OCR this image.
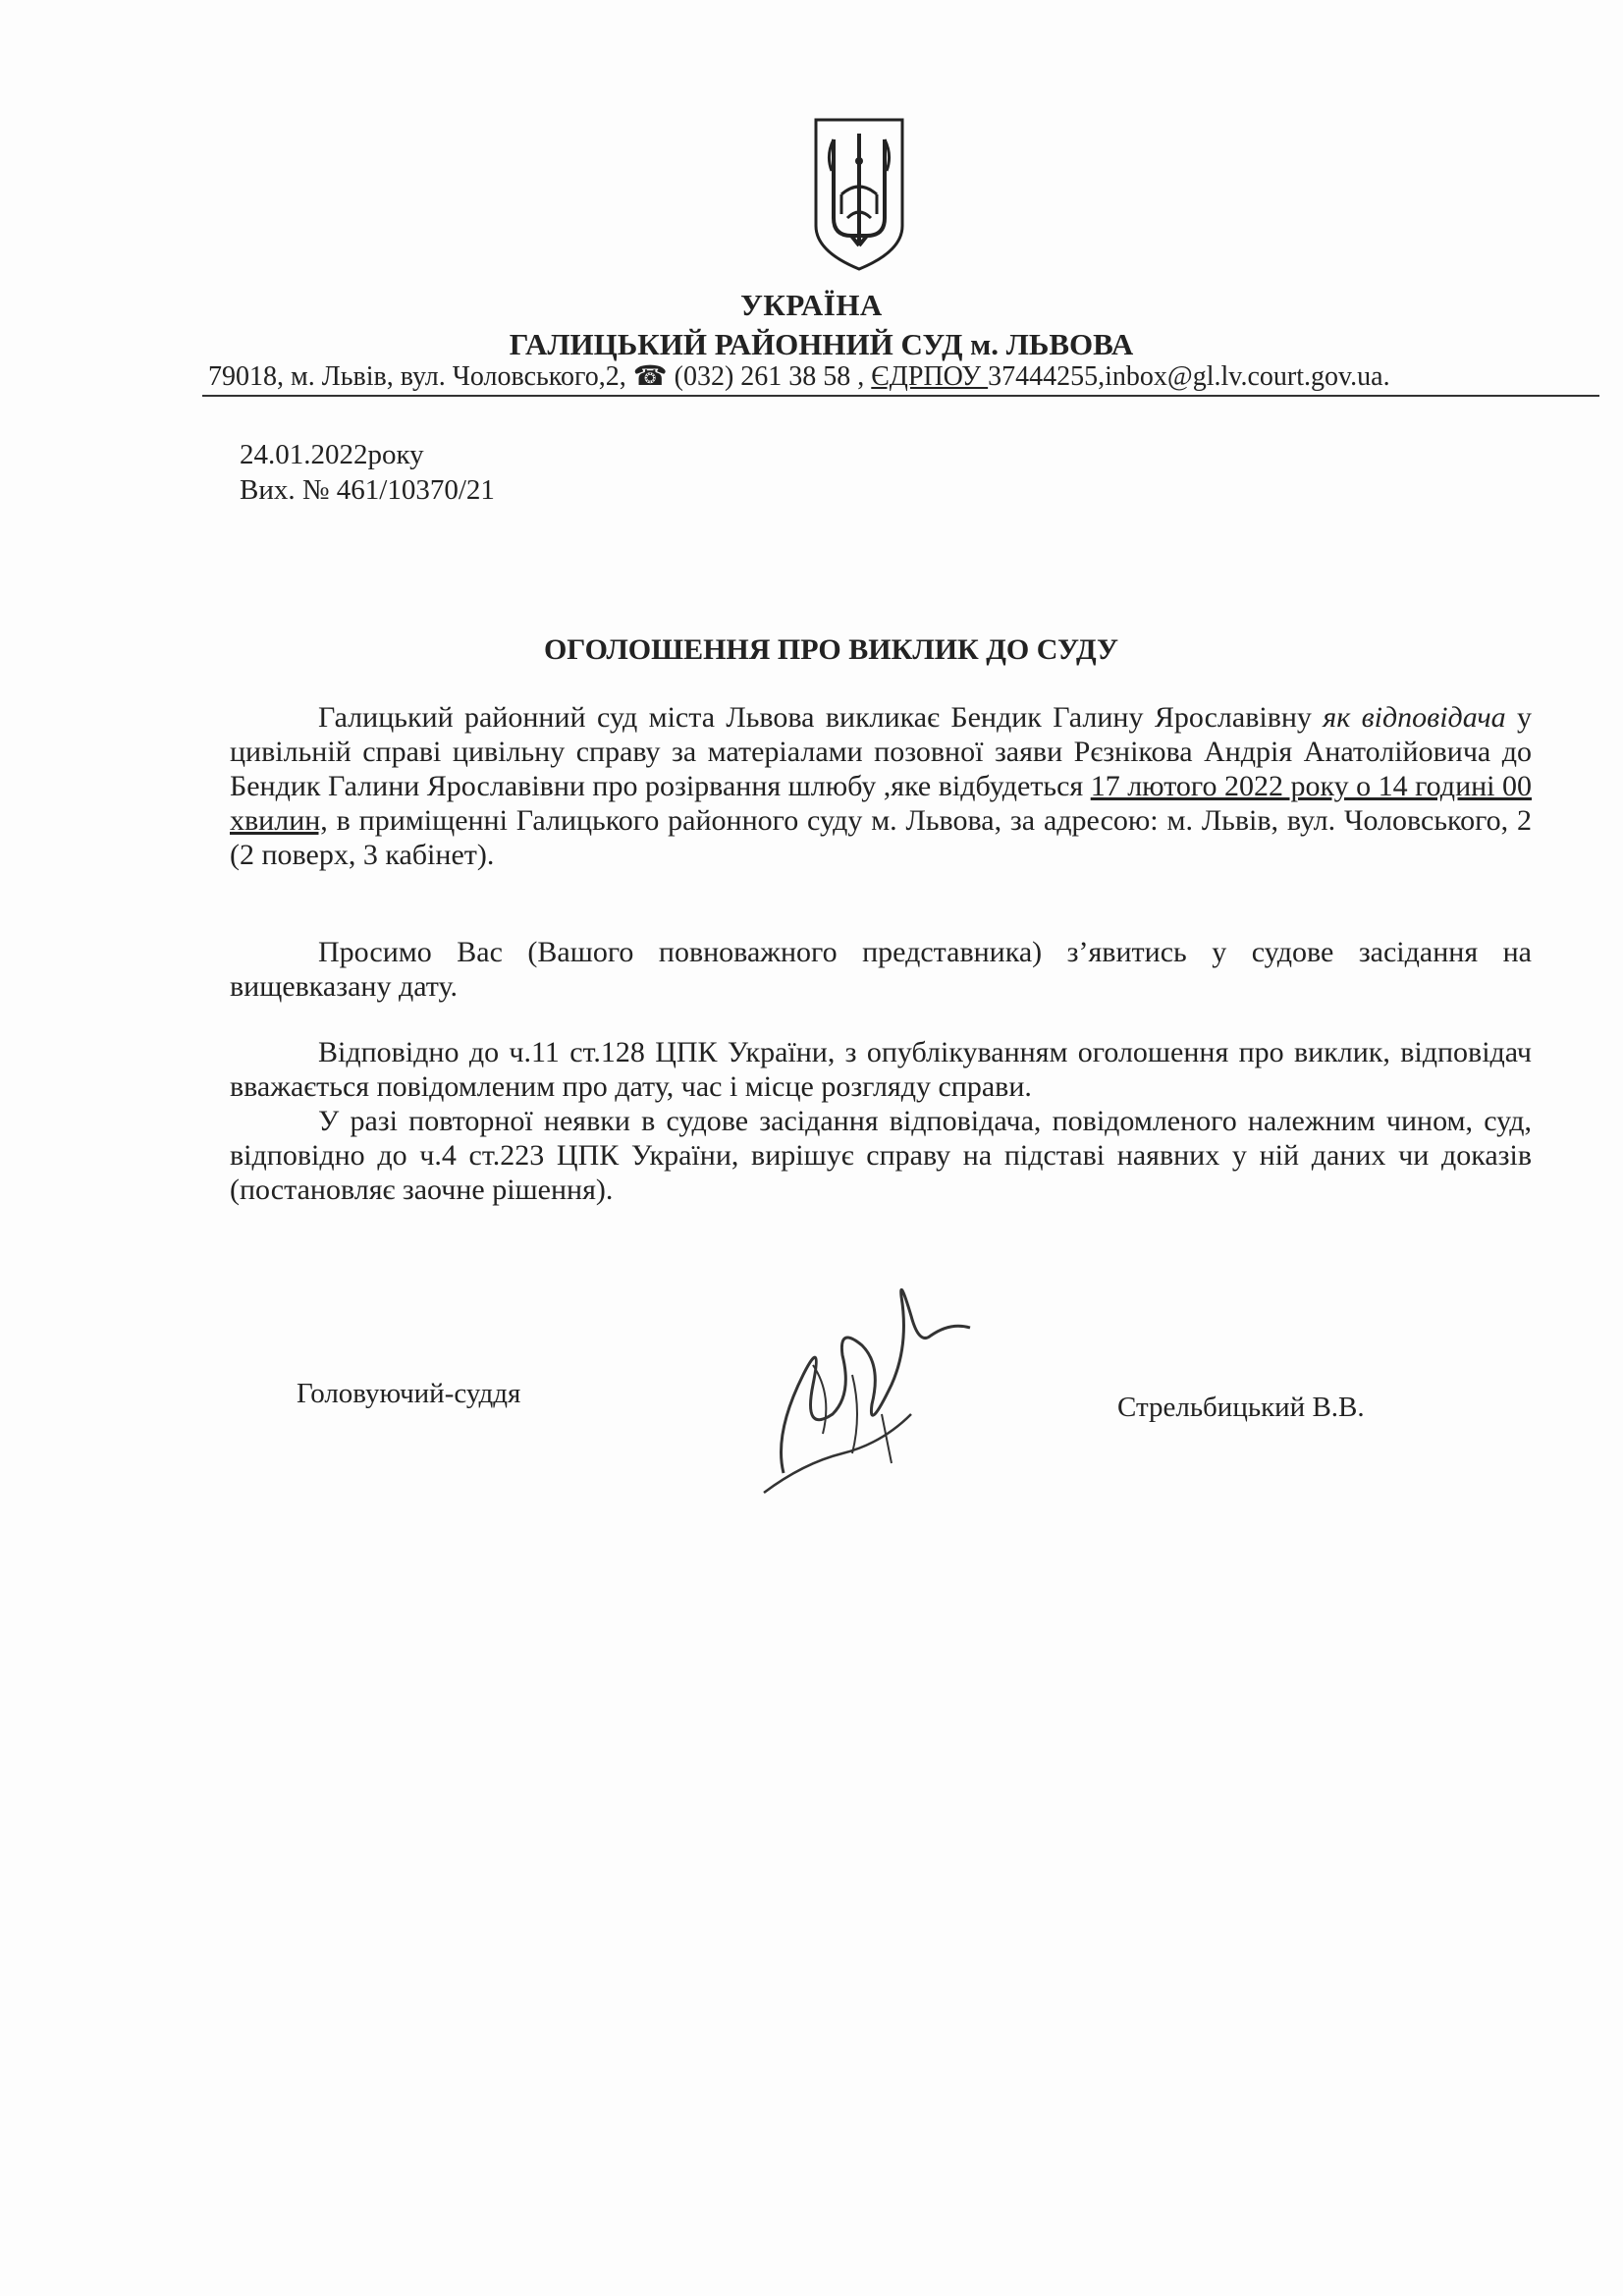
УКРАЇНА
ГАЛИЦЬКИЙ РАЙОННИЙ СУД м. ЛЬВОВА
79018, м. Львів, вул. Чоловського,2, ☎ (032) 261 38 58 , ЄДРПОУ 37444255,inbox@gl.lv.court.gov.ua.
24.01.2022року
Вих. № 461/10370/21
ОГОЛОШЕННЯ ПРО ВИКЛИК ДО СУДУ
Галицький районний суд міста Львова викликає Бендик Галину Ярославівну як відповідача у цивільній справі цивільну справу за матеріалами позовної заяви Рєзнікова Андрія Анатолійовича до Бендик Галини Ярославівни про розірвання шлюбу ,яке відбудеться 17 лютого 2022 року о 14 годині 00 хвилин, в приміщенні Галицького районного суду м. Львова, за адресою: м. Львів, вул. Чоловського, 2 (2 поверх, 3 кабінет).
Просимо Вас (Вашого повноважного представника) з’явитись у судове засідання на вищевказану дату.
Відповідно до ч.11 ст.128 ЦПК України, з опублікуванням оголошення про виклик, відповідач вважається повідомленим про дату, час і місце розгляду справи.
У разі повторної неявки в судове засідання відповідача, повідомленого належним чином, суд, відповідно до ч.4 ст.223 ЦПК України, вирішує справу на підставі наявних у ній даних чи доказів (постановляє заочне рішення).
Головуючий-суддя	Стрельбицький В.В.
